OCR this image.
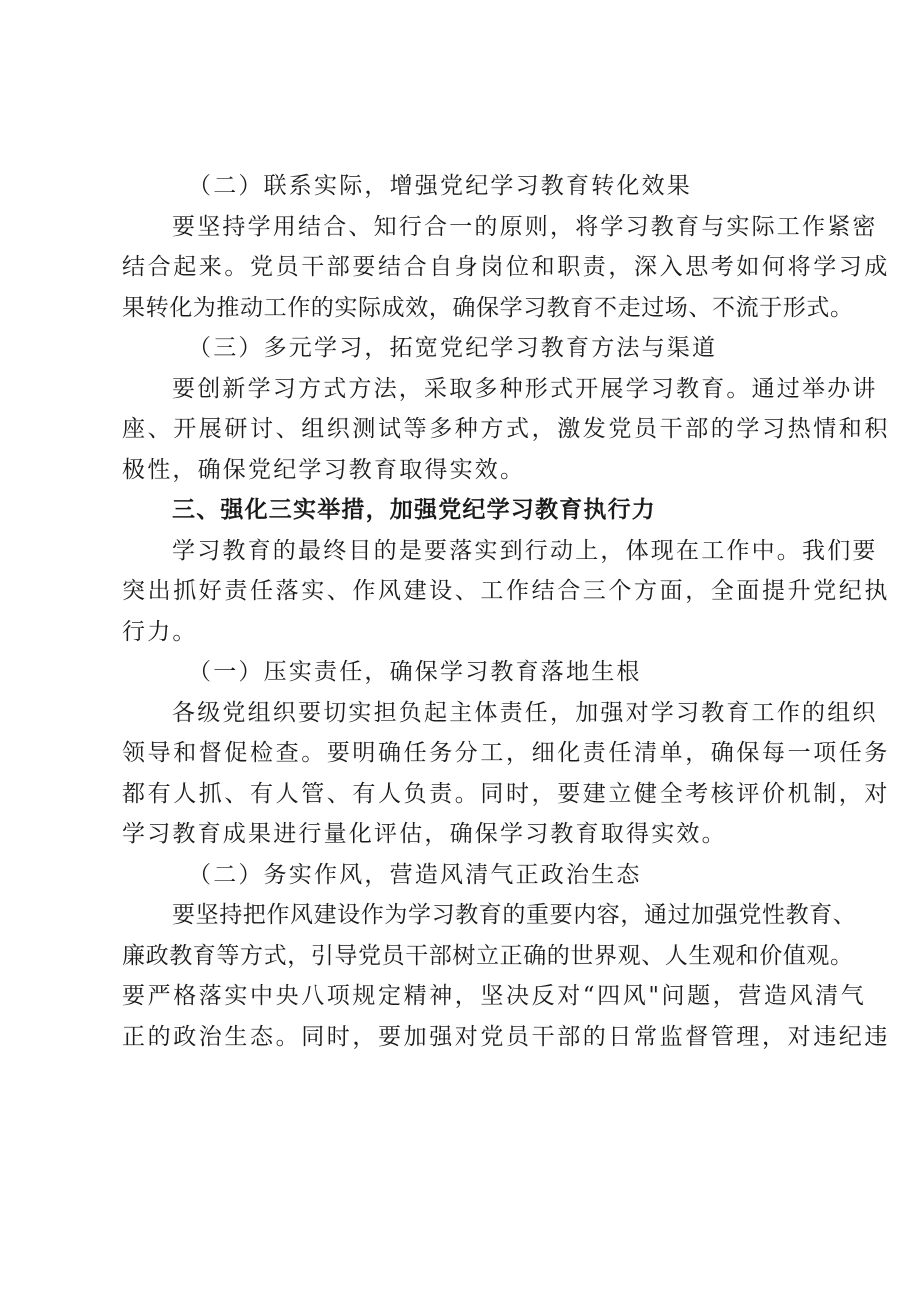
（二）联系实际，增强党纪学习教育转化效果
要坚持学用结合、知行合一的原则，将学习教育与实际工作紧密
结合起来。党员干部要结合自身岗位和职责，深入思考如何将学习成
果转化为推动工作的实际成效，确保学习教育不走过场、不流于形式。
（三）多元学习，拓宽党纪学习教育方法与渠道
要创新学习方式方法，采取多种形式开展学习教育。通过举办讲
座、开展研讨、组织测试等多种方式，激发党员干部的学习热情和积
极性，确保党纪学习教育取得实效。
三、强化三实举措，加强党纪学习教育执行力
学习教育的最终目的是要落实到行动上，体现在工作中。我们要
突出抓好责任落实、作风建设、工作结合三个方面，全面提升党纪执
行力。
（一）压实责任，确保学习教育落地生根
各级党组织要切实担负起主体责任，加强对学习教育工作的组织
领导和督促检查。要明确任务分工，细化责任清单，确保每一项任务
都有人抓、有人管、有人负责。同时，要建立健全考核评价机制，对
学习教育成果进行量化评估，确保学习教育取得实效。
（二）务实作风，营造风清气正政治生态
要坚持把作风建设作为学习教育的重要内容，通过加强党性教育、
廉政教育等方式，引导党员干部树立正确的世界观、人生观和价值观。
要严格落实中央八项规定精神，坚决反对“四风"问题，营造风清气
正的政治生态。同时，要加强对党员干部的日常监督管理，对违纪违
